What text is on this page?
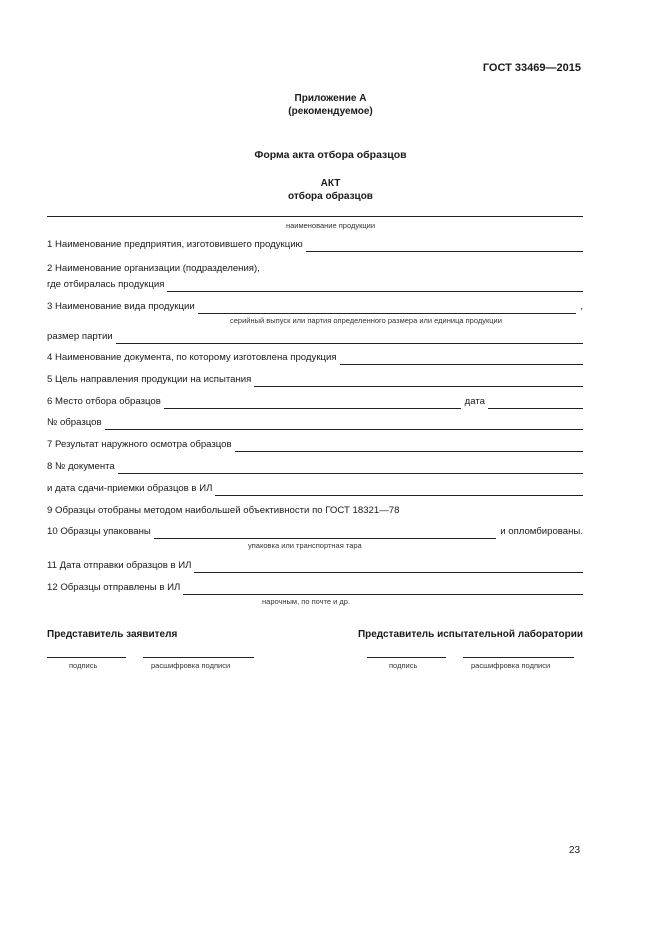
ГОСТ 33469—2015
Приложение А
(рекомендуемое)
Форма акта отбора образцов
АКТ
отбора образцов
наименование продукции
1 Наименование предприятия, изготовившего продукцию
2 Наименование организации (подразделения),
где отбиралась продукция
3 Наименование вида продукции	,
серийный выпуск или партия определенного размера или единица продукции
размер партии
4 Наименование документа, по которому изготовлена продукция
5 Цель направления продукции на испытания
6 Место отбора образцов	дата
№ образцов
7 Результат наружного осмотра образцов
8 № документа
и дата сдачи-приемки образцов в ИЛ
9 Образцы отобраны методом наибольшей объективности по ГОСТ 18321—78
10 Образцы упакованы	и опломбированы.
упаковка или транспортная тара
11 Дата отправки образцов в ИЛ
12 Образцы отправлены в ИЛ
нарочным, по почте и др.
Представитель заявителя	Представитель испытательной лаборатории
подпись	расшифровка подписи	подпись	расшифровка подписи
23
